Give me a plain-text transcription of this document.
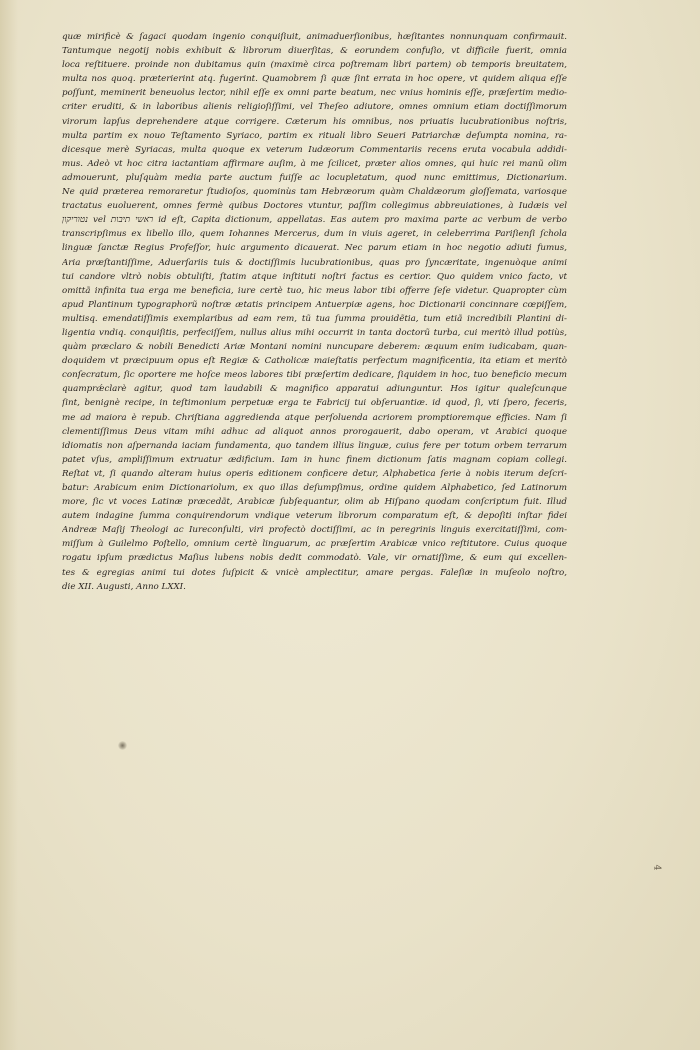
quæ mirificè & ſagaci quodam ingenio conquiſiuit, animaduerſionibus, hæſitantes nonnunquam confirmauit.
Tantumque negotij nobis exhibuit & librorum diuerſitas, & eorundem confuſio, vt difficile fuerit, omnia
loca reſtituere. proinde non dubitamus quin (maximè circa poſtremam libri partem) ob temporis breuitatem,
multa nos quoq. præterierint atq. fugerint. Quamobrem ſi quæ ſint errata in hoc opere, vt quidem aliqua eſſe
poſſunt, meminerit beneuolus lector, nihil eſſe ex omni parte beatum, nec vnius hominis eſſe, præſertim medio-
criter eruditi, & in laboribus alienis religioſiſſimi, vel Theſeo adiutore, omnes omnium etiam doctiſſimorum
virorum lapſus deprehendere atque corrigere. Cæterum his omnibus, nos priuatis lucubrationibus noſtris,
multa partim ex nouo Teſtamento Syriaco, partim ex rituali libro Seueri Patriarchæ deſumpta nomina, ra-
dicesque merè Syriacas, multa quoque ex veterum Iudæorum Commentariis recens eruta vocabula addidi-
mus. Adeò vt hoc citra iactantiam affirmare auſim, à me ſcilicet, præter alios omnes, qui huic rei manũ olim
admouerunt, pluſquàm media parte auctum fuiſſe ac locupletatum, quod nunc emittimus, Dictionarium.
Ne quid præterea remoraretur ſtudioſos, quominùs tam Hebræorum quàm Chaldæorum gloſſemata, variosque
tractatus euoluerent, omnes fermè quibus Doctores vtuntur, paſſim collegimus abbreuiationes, à Iudæis vel
נטוריקון vel ראשי תיבות id eſt, Capita dictionum, appellatas. Eas autem pro maxima parte ac verbum de verbo
transcripſimus ex libello illo, quem Iohannes Mercerus, dum in viuis ageret, in celeberrima Pariſienſi ſchola
linguæ ſanctæ Regius Profeſſor, huic argumento dicauerat. Nec parum etiam in hoc negotio adiuti fumus,
Aria præſtantiſſime, Aduerſariis tuis & doctiſſimis lucubrationibus, quas pro ſyncæritate, ingenuòque animi
tui candore vltrò nobis obtuliſti, ſtatim atque inſtituti noſtri factus es certior. Quo quidem vnico facto, vt
omittã infinita tua erga me beneficia, iure certè tuo, hic meus labor tibi offerre ſeſe videtur. Quapropter cùm
apud Plantinum typographorũ noſtræ ætatis principem Antuerpiæ agens, hoc Dictionarii concinnare cœpiſſem,
multisq. emendatiſſimis exemplaribus ad eam rem, tũ tua ſumma prouidẽtia, tum etiã incredibili Plantini di-
ligentia vndiq. conquiſitis, perfeciſſem, nullus alius mihi occurrit in tanta doctorũ turba, cui meritò illud potiùs,
quàm præclaro & nobili Benedicti Ariæ Montani nomini nuncupare deberem: æquum enim iudicabam, quan-
doquidem vt præcipuum opus eſt Regiæ & Catholicæ maieſtatis perfectum magnificentia, ita etiam et meritò
conſecratum, ſic oportere me hoſce meos labores tibi præſertim dedicare, ſiquidem in hoc, tuo beneficio mecum
quamprǽclarè agitur, quod tam laudabili & magnifico apparatui adiunguntur. Hos igitur qualeſcunque
ſint, benignè recipe, in teſtimonium perpetuæ erga te Fabricij tui obſeruantiæ. id quod, ſi, vti ſpero, feceris,
me ad maiora è repub. Chriſtiana aggredienda atque perſoluenda acriorem promptioremque efficies. Nam ſi
clementiſſimus Deus vitam mihi adhuc ad aliquot annos prorogauerit, dabo operam, vt Arabici quoque
idiomatis non aſpernanda iaciam fundamenta, quo tandem illius linguæ, cuius fere per totum orbem terrarum
patet vſus, ampliſſimum extruatur ædificium. Iam in hunc finem dictionum ſatis magnam copiam collegi.
Reſtat vt, ſi quando alteram huius operis editionem conficere detur, Alphabetica ſerie à nobis iterum deſcri-
batur: Arabicum enim Dictionariolum, ex quo illas deſumpſimus, ordine quidem Alphabetico, ſed Latinorum
more, ſic vt voces Latinæ præcedãt, Arabicæ ſubſequantur, olim ab Hiſpano quodam conſcriptum fuit. Illud
autem indagine ſumma conquirendorum vndique veterum librorum comparatum eſt, & depoſiti inſtar fidei
Andreæ Maſij Theologi ac Iureconſulti, viri profectò doctiſſimi, ac in peregrinis linguis exercitatiſſimi, com-
miſſum à Guilelmo Poſtello, omnium certè linguarum, ac præſertim Arabicæ vnico reſtitutore. Cuius quoque
rogatu ipſum prædictus Maſius lubens nobis dedit commodatò. Vale, vir ornatiſſime, & eum qui excellen-
tes & egregias animi tui dotes ſuſpicit & vnicè amplectitur, amare pergas. Faleſiæ in muſeolo noſtro,
die XII. Augusti, Anno LXXI.
4
